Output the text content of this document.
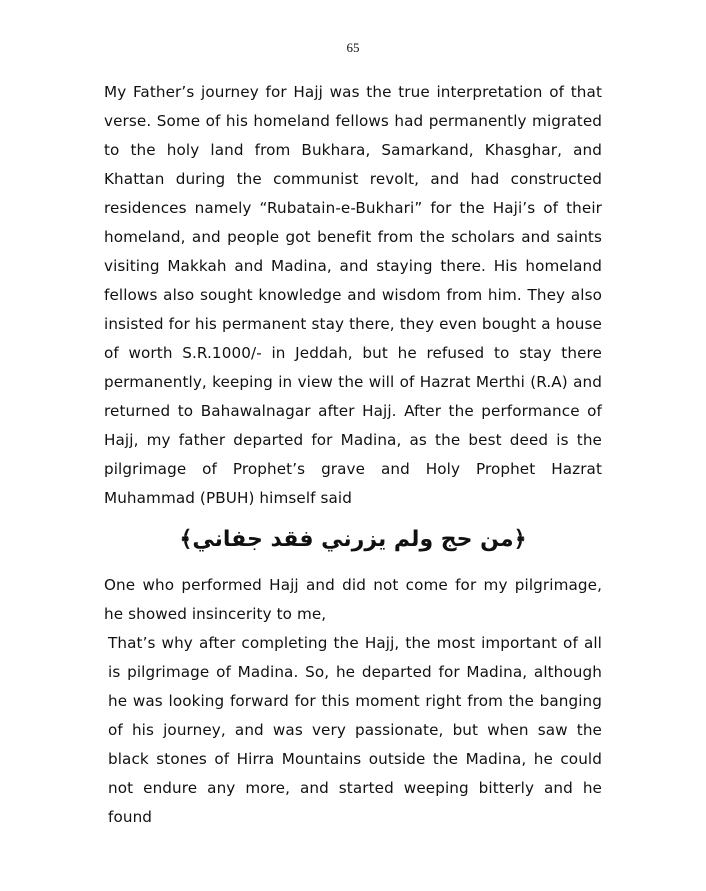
65

My Father’s journey for Hajj was the true interpretation of that verse. Some of his homeland fellows had permanently migrated to the holy land from Bukhara, Samarkand, Khasghar, and Khattan during the communist revolt, and had constructed residences namely “Rubatain-e-Bukhari” for the Haji’s of their homeland, and people got benefit from the scholars and saints visiting Makkah and Madina, and staying there. His homeland fellows also sought knowledge and wisdom from him. They also insisted for his permanent stay there, they even bought a house of worth S.R.1000/- in Jeddah, but he refused to stay there permanently, keeping in view the will of Hazrat Merthi (R.A) and returned to Bahawalnagar after Hajj. After the performance of Hajj, my father departed for Madina, as the best deed is the pilgrimage of Prophet’s grave and Holy Prophet Hazrat Muhammad (PBUH) himself said

﴿من حج ولم يزرني فقد جفاني﴾

One who performed Hajj and did not come for my pilgrimage, he showed insincerity to me,

That’s why after completing the Hajj, the most important of all is pilgrimage of Madina. So, he departed for Madina, although he was looking forward for this moment right from the banging of his journey, and was very passionate, but when saw the black stones of Hirra Mountains outside the Madina, he could not endure any more, and started weeping bitterly and he found
